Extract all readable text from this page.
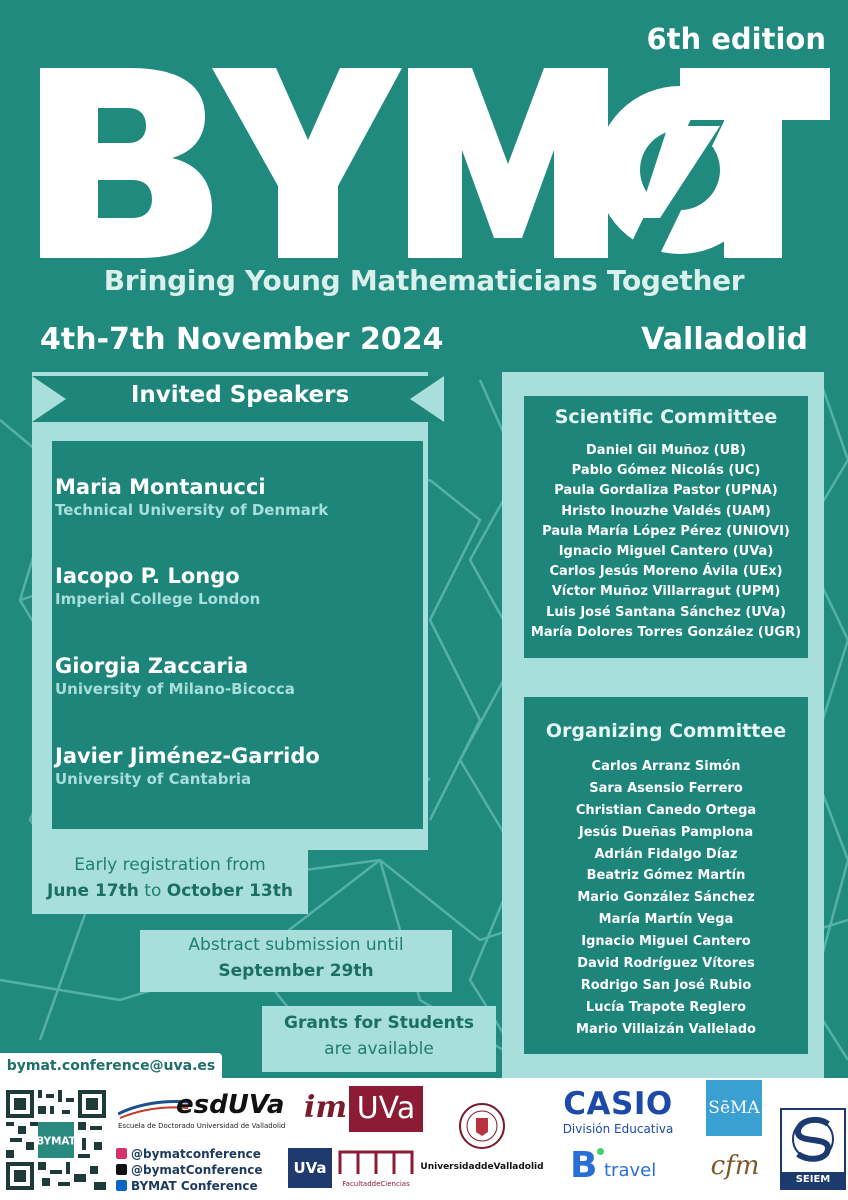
6th edition
Bringing Young Mathematicians Together
4th-7th November 2024	Valladolid
Invited Speakers
Maria Montanucci
Technical University of Denmark
Iacopo P. Longo
Imperial College London
Giorgia Zaccaria
University of Milano-Bicocca
Javier Jiménez-Garrido
University of Cantabria
Early registration from
June 17th to October 13th
Abstract submission until
September 29th
Grants for Students
are available
bymat.conference@uva.es
Scientific Committee
Daniel Gil Muñoz (UB)
Pablo Gómez Nicolás (UC)
Paula Gordaliza Pastor (UPNA)
Hristo Inouzhe Valdés (UAM)
Paula María López Pérez (UNIOVI)
Ignacio Miguel Cantero (UVa)
Carlos Jesús Moreno Ávila (UEx)
Víctor Muñoz Villarragut (UPM)
Luis José Santana Sánchez (UVa)
María Dolores Torres González (UGR)
Organizing Committee
Carlos Arranz Simón
Sara Asensio Ferrero
Christian Canedo Ortega
Jesús Dueñas Pamplona
Adrián Fidalgo Díaz
Beatriz Gómez Martín
Mario González Sánchez
María Martín Vega
Ignacio Miguel Cantero
David Rodríguez Vítores
Rodrigo San José Rubio
Lucía Trapote Reglero
Mario Villaizán Vallelado
BYMAT
@bymatconference
@bymatConference
BYMAT Conference
esdUVa
Escuela de Doctorado Universidad de Valladolid
im UVa
UVa
FacultaddeCiencias
UniversidaddeValladolid
CASIO
División Educativa
B travel
SēMA
cfm	SEIEM
